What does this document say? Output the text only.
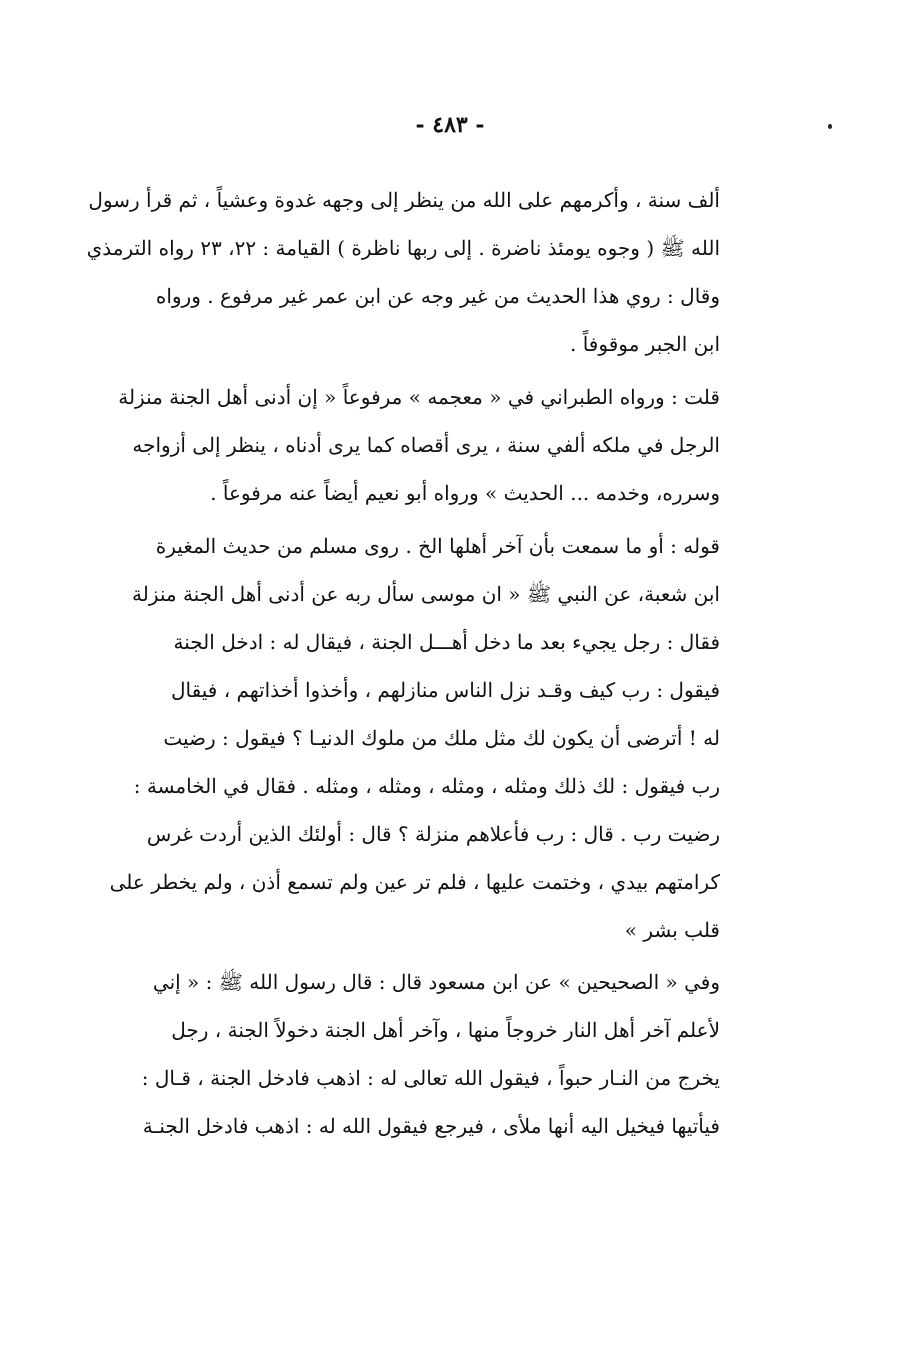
- ٤٨٣ -
ألف سنة ، وأكرمهم على الله من ينظر إلى وجهه غدوة وعشياً ، ثم قرأ رسول
الله ﷺ ( وجوه يومئذ ناضرة . إلى ربها ناظرة ) القيامة : ٢٢، ٢٣ رواه الترمذي
وقال : روي هذا الحديث من غير وجه عن ابن عمر غير مرفوع . ورواه
ابن الجبر موقوفاً .
قلت : ورواه الطبراني في « معجمه » مرفوعاً « إن أدنى أهل الجنة منزلة
الرجل في ملكه ألفي سنة ، يرى أقصاه كما يرى أدناه ، ينظر إلى أزواجه
وسرره، وخدمه ... الحديث » ورواه أبو نعيم أيضاً عنه مرفوعاً .
قوله : أو ما سمعت بأن آخر أهلها الخ . روى مسلم من حديث المغيرة
ابن شعبة، عن النبي ﷺ « ان موسى سأل ربه عن أدنى أهل الجنة منزلة
فقال : رجل يجيء بعد ما دخل أهـــل الجنة ، فيقال له : ادخل الجنة
فيقول : رب كيف وقـد نزل الناس منازلهم ، وأخذوا أخذاتهم ، فيقال
له ! أترضى أن يكون لك مثل ملك من ملوك الدنيـا ؟ فيقول : رضيت
رب فيقول : لك ذلك ومثله ، ومثله ، ومثله ، ومثله . فقال في الخامسة :
رضيت رب . قال : رب فأعلاهم منزلة ؟ قال : أولئك الذين أردت غرس
كرامتهم بيدي ، وختمت عليها ، فلم تر عين ولم تسمع أذن ، ولم يخطر على
قلب بشر »
وفي « الصحيحين » عن ابن مسعود قال : قال رسول الله ﷺ : « إني
لأعلم آخر أهل النار خروجاً منها ، وآخر أهل الجنة دخولاً الجنة ، رجل
يخرج من النـار حبواً ، فيقول الله تعالى له : اذهب فادخل الجنة ، قـال :
فيأتيها فيخيل اليه أنها ملأى ، فيرجع فيقول الله له : اذهب فادخل الجنـة
